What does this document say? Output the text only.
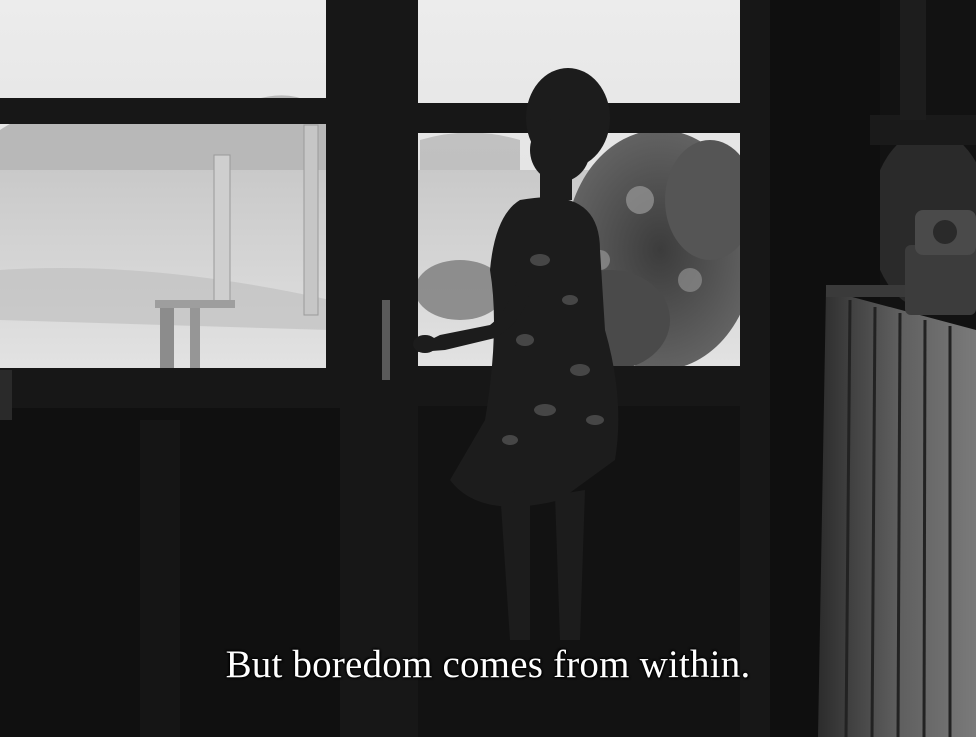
But boredom comes from within.
